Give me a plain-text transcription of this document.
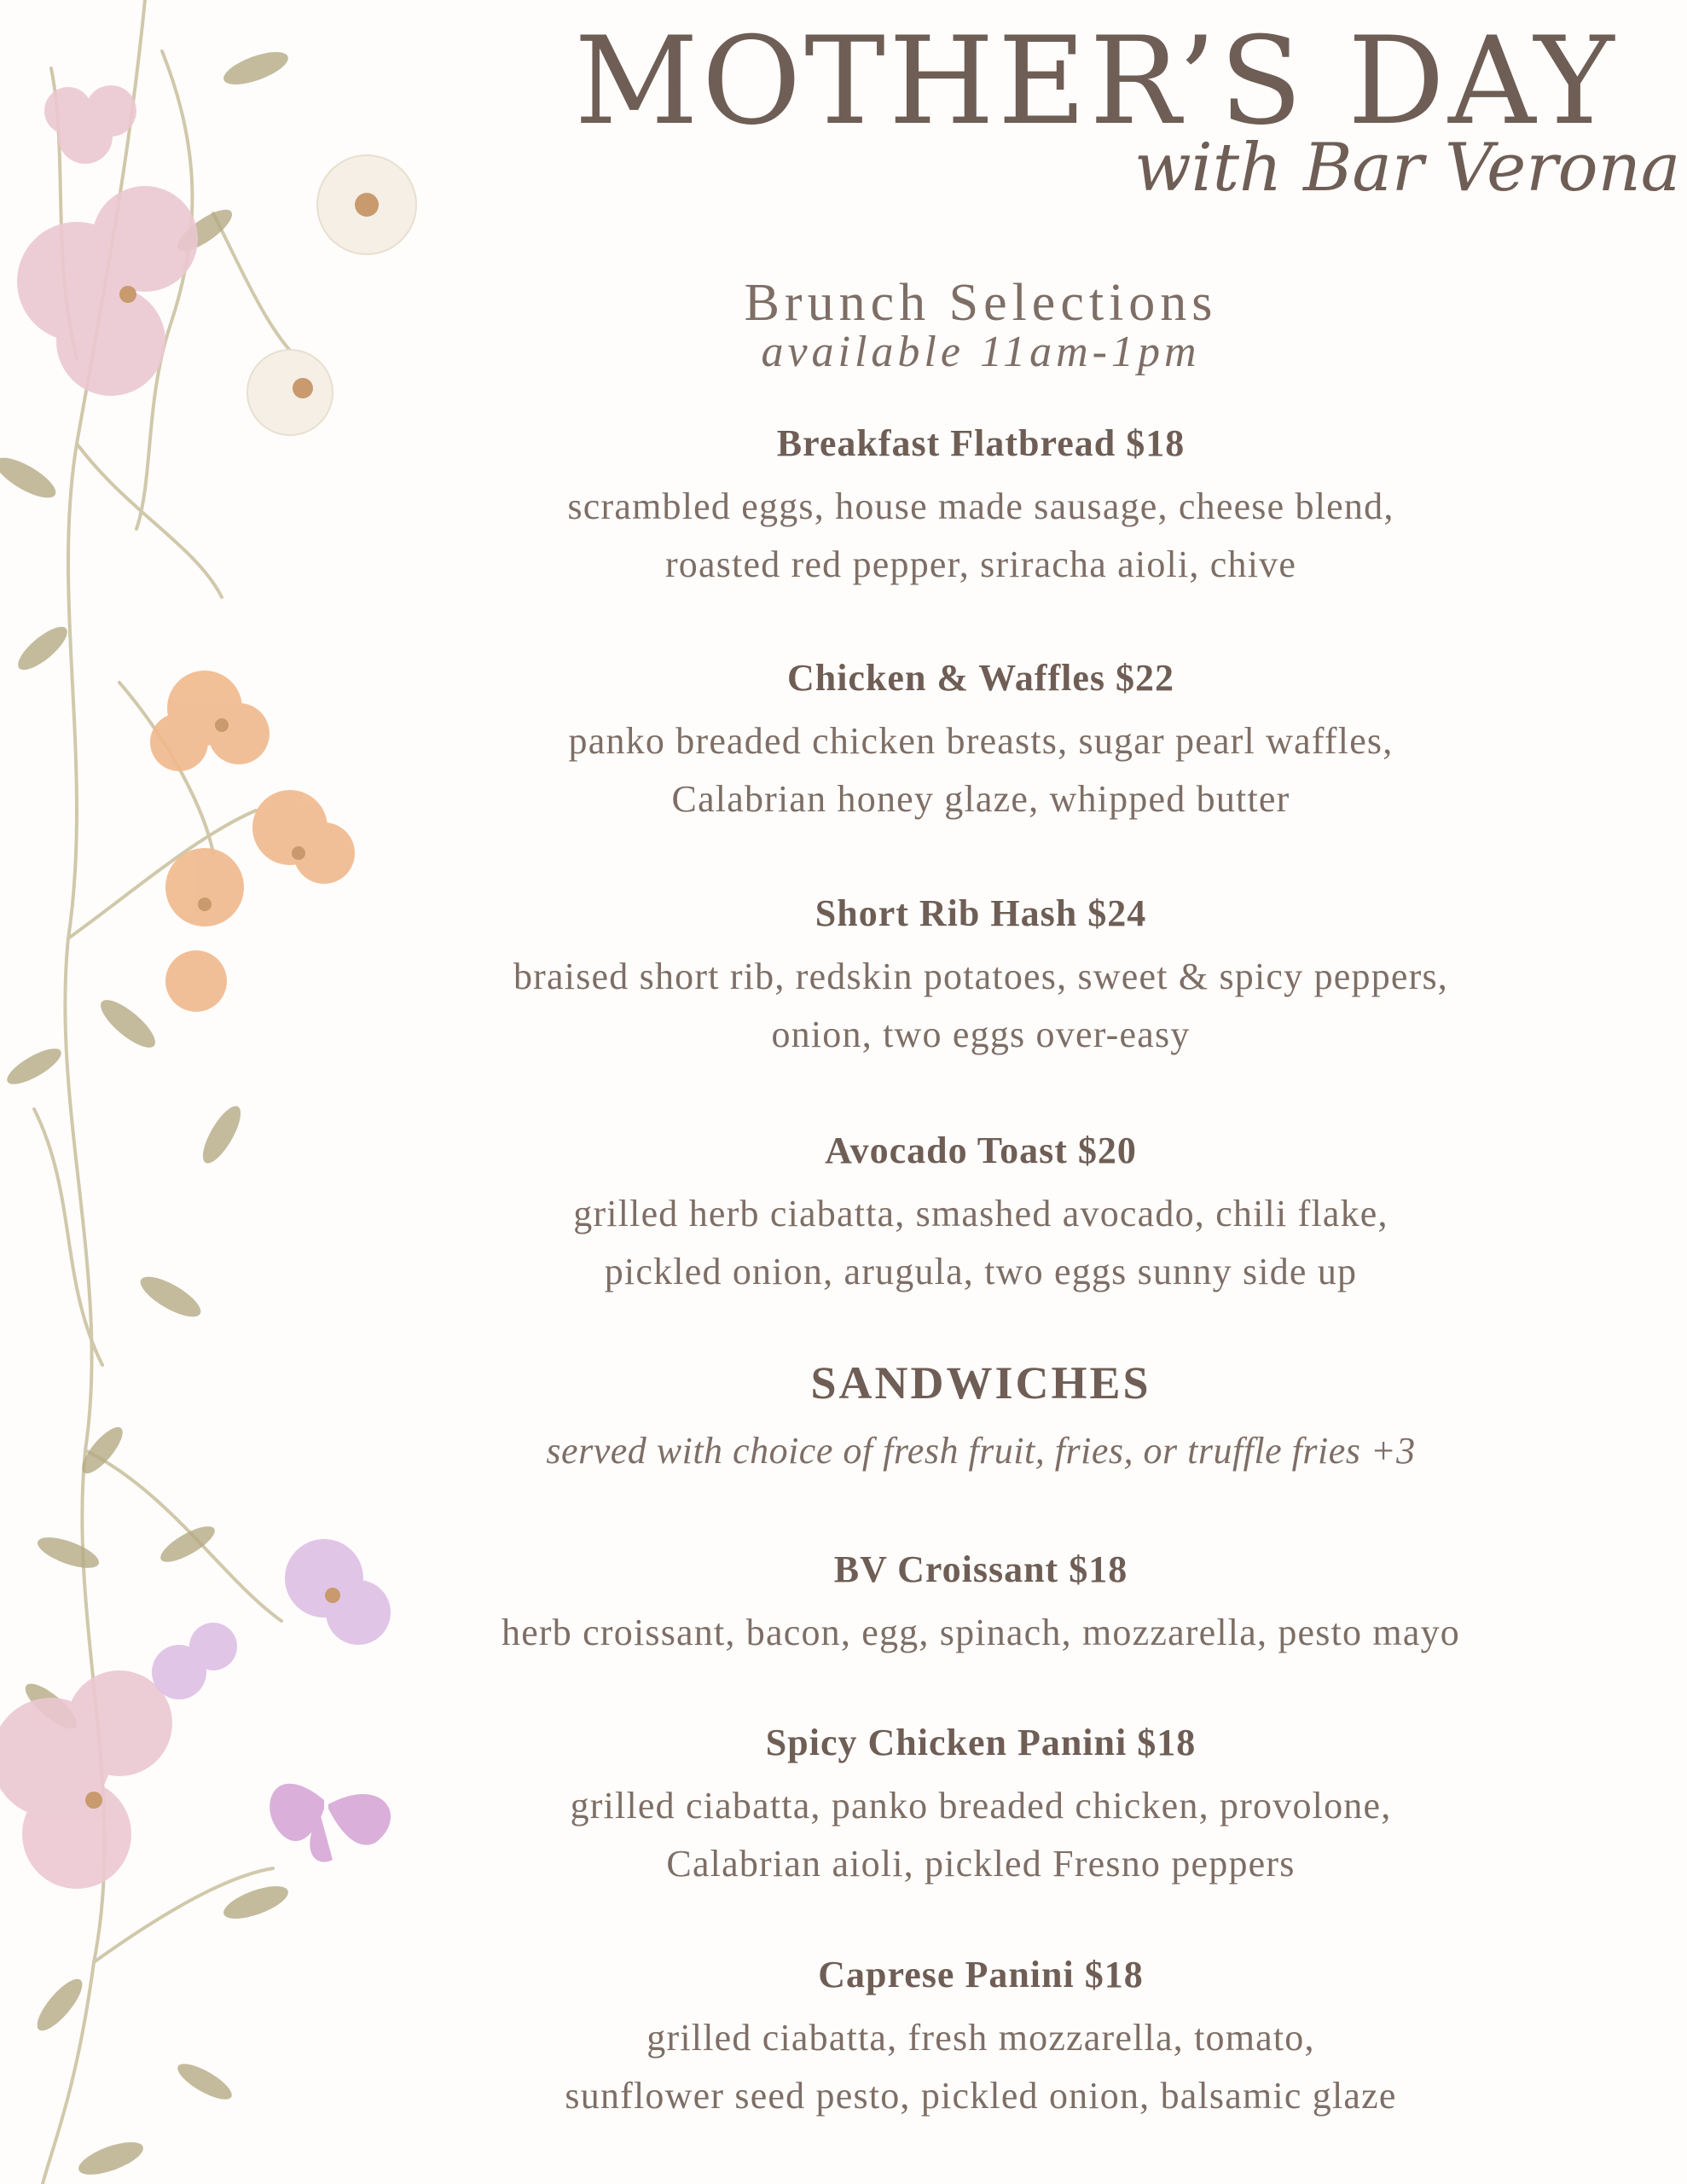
MOTHER’S DAY
with Bar Verona
Brunch Selections
available 11am-1pm
Breakfast Flatbread $18
scrambled eggs, house made sausage, cheese blend,
roasted red pepper, sriracha aioli, chive
Chicken & Waffles $22
panko breaded chicken breasts, sugar pearl waffles,
Calabrian honey glaze, whipped butter
Short Rib Hash $24
braised short rib, redskin potatoes, sweet & spicy peppers,
onion, two eggs over-easy
Avocado Toast $20
grilled herb ciabatta, smashed avocado, chili flake,
pickled onion, arugula, two eggs sunny side up
SANDWICHES
served with choice of fresh fruit, fries, or truffle fries +3
BV Croissant $18
herb croissant, bacon, egg, spinach, mozzarella, pesto mayo
Spicy Chicken Panini $18
grilled ciabatta, panko breaded chicken, provolone,
Calabrian aioli, pickled Fresno peppers
Caprese Panini $18
grilled ciabatta, fresh mozzarella, tomato,
sunflower seed pesto, pickled onion, balsamic glaze
